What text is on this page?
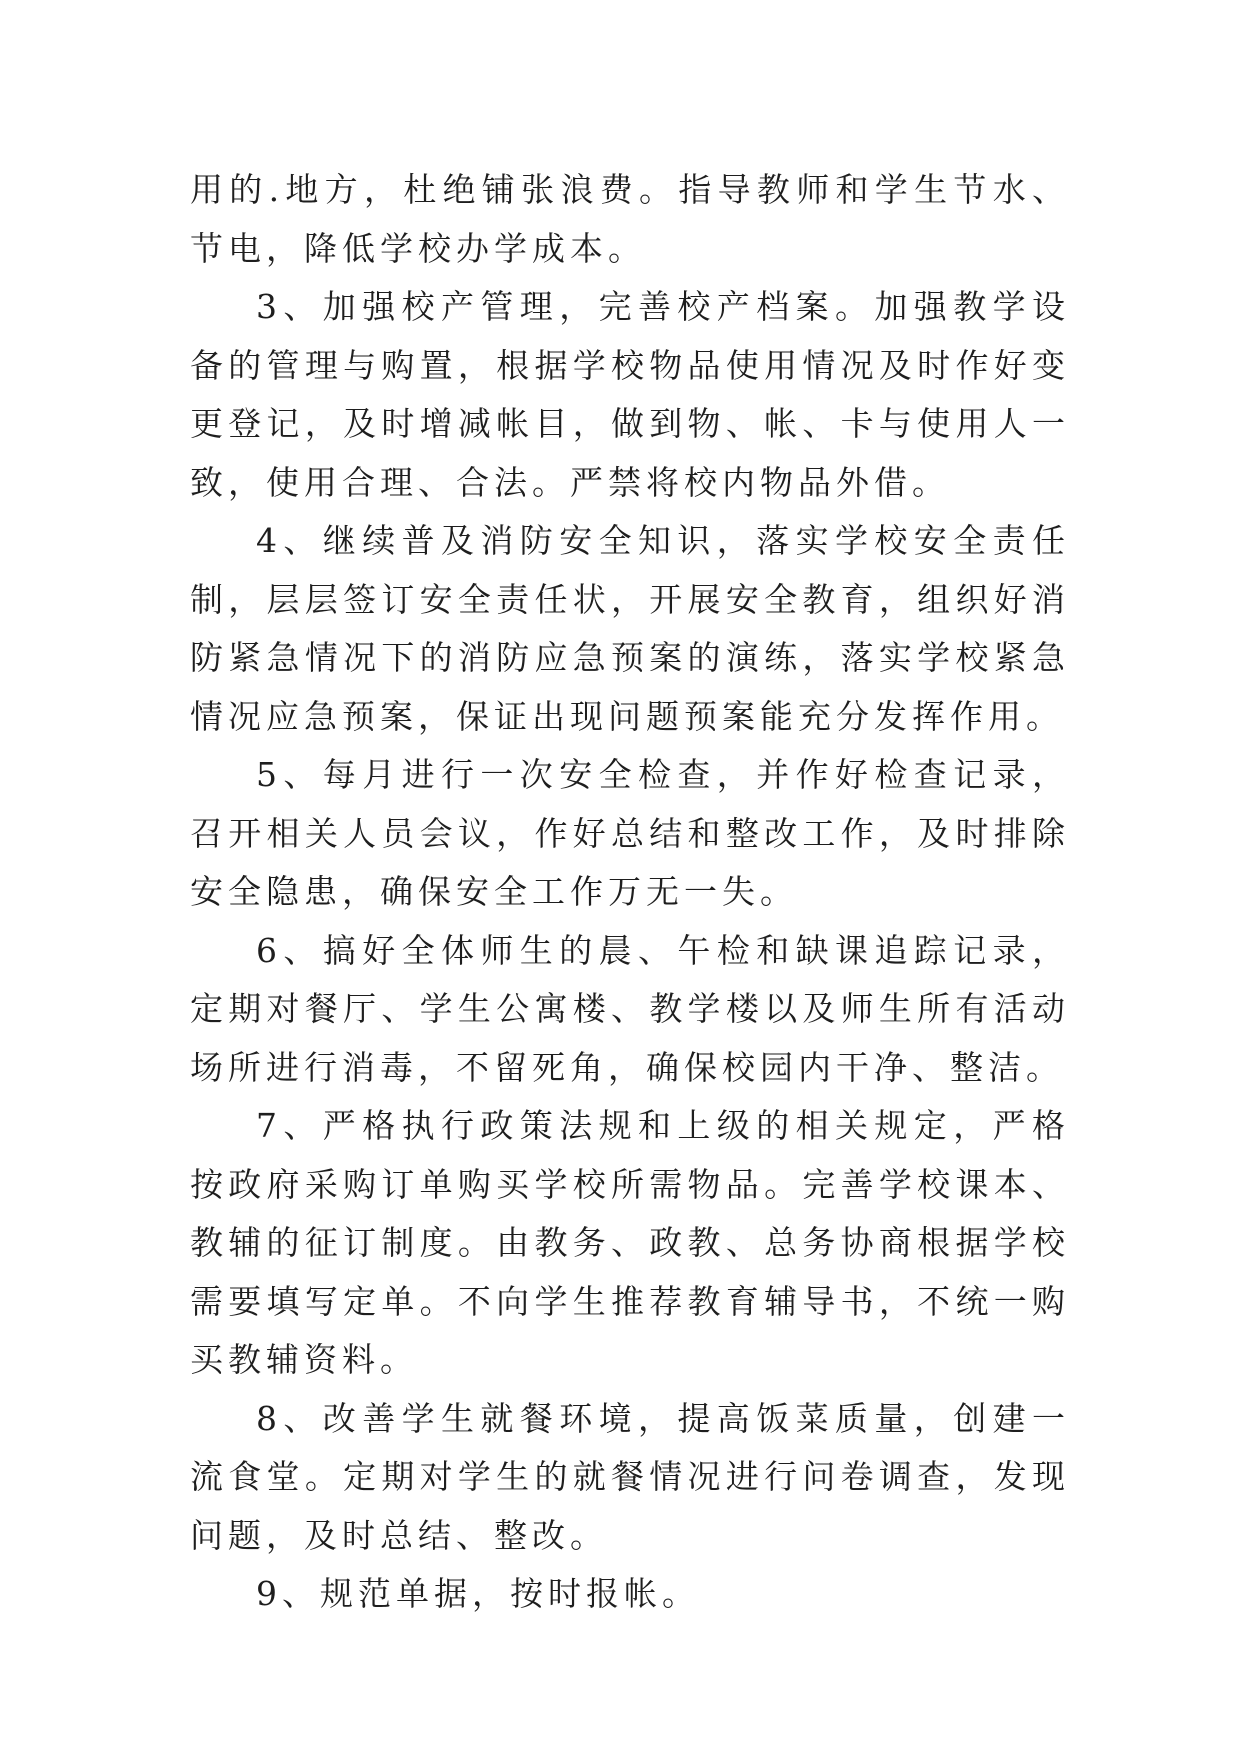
用的.地方，杜绝铺张浪费。指导教师和学生节水、节电，降低学校办学成本。

3、加强校产管理，完善校产档案。加强教学设备的管理与购置，根据学校物品使用情况及时作好变更登记，及时增减帐目，做到物、帐、卡与使用人一致，使用合理、合法。严禁将校内物品外借。

4、继续普及消防安全知识，落实学校安全责任制，层层签订安全责任状，开展安全教育，组织好消防紧急情况下的消防应急预案的演练，落实学校紧急情况应急预案，保证出现问题预案能充分发挥作用。

5、每月进行一次安全检查，并作好检查记录，召开相关人员会议，作好总结和整改工作，及时排除安全隐患，确保安全工作万无一失。

6、搞好全体师生的晨、午检和缺课追踪记录，定期对餐厅、学生公寓楼、教学楼以及师生所有活动场所进行消毒，不留死角，确保校园内干净、整洁。

7、严格执行政策法规和上级的相关规定，严格按政府采购订单购买学校所需物品。完善学校课本、教辅的征订制度。由教务、政教、总务协商根据学校需要填写定单。不向学生推荐教育辅导书，不统一购买教辅资料。

8、改善学生就餐环境，提高饭菜质量，创建一流食堂。定期对学生的就餐情况进行问卷调查，发现问题，及时总结、整改。

9、规范单据，按时报帐。
